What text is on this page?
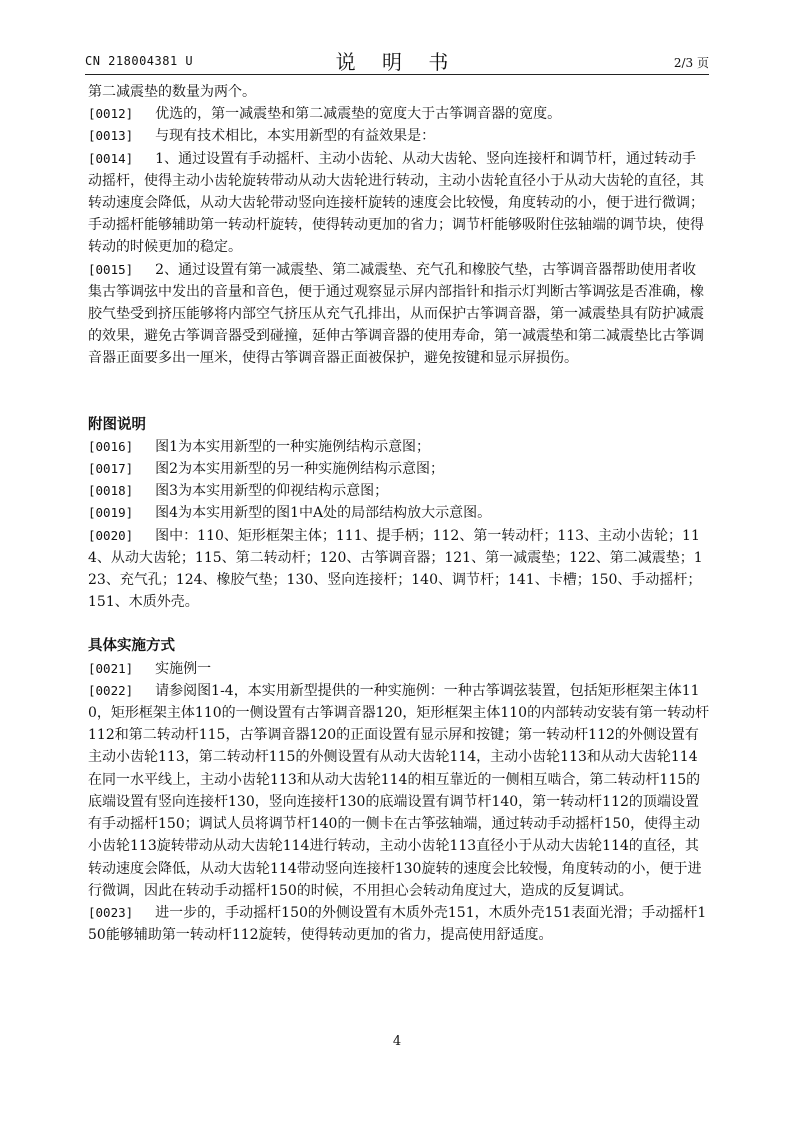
CN 218004381 U	说 明 书	2/3 页

第二减震垫的数量为两个。

[0012] 优选的，第一减震垫和第二减震垫的宽度大于古筝调音器的宽度。

[0013] 与现有技术相比，本实用新型的有益效果是：

[0014] 1、通过设置有手动摇杆、主动小齿轮、从动大齿轮、竖向连接杆和调节杆，通过转动手动摇杆，使得主动小齿轮旋转带动从动大齿轮进行转动，主动小齿轮直径小于从动大齿轮的直径，其转动速度会降低，从动大齿轮带动竖向连接杆旋转的速度会比较慢，角度转动的小，便于进行微调；手动摇杆能够辅助第一转动杆旋转，使得转动更加的省力；调节杆能够吸附住弦轴端的调节块，使得转动的时候更加的稳定。

[0015] 2、通过设置有第一减震垫、第二减震垫、充气孔和橡胶气垫，古筝调音器帮助使用者收集古筝调弦中发出的音量和音色，便于通过观察显示屏内部指针和指示灯判断古筝调弦是否准确，橡胶气垫受到挤压能够将内部空气挤压从充气孔排出，从而保护古筝调音器，第一减震垫具有防护减震的效果，避免古筝调音器受到碰撞，延伸古筝调音器的使用寿命，第一减震垫和第二减震垫比古筝调音器正面要多出一厘米，使得古筝调音器正面被保护，避免按键和显示屏损伤。

附图说明

[0016] 图1为本实用新型的一种实施例结构示意图；

[0017] 图2为本实用新型的另一种实施例结构示意图；

[0018] 图3为本实用新型的仰视结构示意图；

[0019] 图4为本实用新型的图1中A处的局部结构放大示意图。

[0020] 图中：110、矩形框架主体；111、提手柄；112、第一转动杆；113、主动小齿轮；114、从动大齿轮；115、第二转动杆；120、古筝调音器；121、第一减震垫；122、第二减震垫；123、充气孔；124、橡胶气垫；130、竖向连接杆；140、调节杆；141、卡槽；150、手动摇杆；151、木质外壳。

具体实施方式

[0021] 实施例一

[0022] 请参阅图1-4，本实用新型提供的一种实施例：一种古筝调弦装置，包括矩形框架主体110，矩形框架主体110的一侧设置有古筝调音器120，矩形框架主体110的内部转动安装有第一转动杆112和第二转动杆115，古筝调音器120的正面设置有显示屏和按键；第一转动杆112的外侧设置有主动小齿轮113，第二转动杆115的外侧设置有从动大齿轮114，主动小齿轮113和从动大齿轮114在同一水平线上，主动小齿轮113和从动大齿轮114的相互靠近的一侧相互啮合，第二转动杆115的底端设置有竖向连接杆130，竖向连接杆130的底端设置有调节杆140，第一转动杆112的顶端设置有手动摇杆150；调试人员将调节杆140的一侧卡在古筝弦轴端，通过转动手动摇杆150，使得主动小齿轮113旋转带动从动大齿轮114进行转动，主动小齿轮113直径小于从动大齿轮114的直径，其转动速度会降低，从动大齿轮114带动竖向连接杆130旋转的速度会比较慢，角度转动的小，便于进行微调，因此在转动手动摇杆150的时候，不用担心会转动角度过大，造成的反复调试。

[0023] 进一步的，手动摇杆150的外侧设置有木质外壳151，木质外壳151表面光滑；手动摇杆150能够辅助第一转动杆112旋转，使得转动更加的省力，提高使用舒适度。

4
